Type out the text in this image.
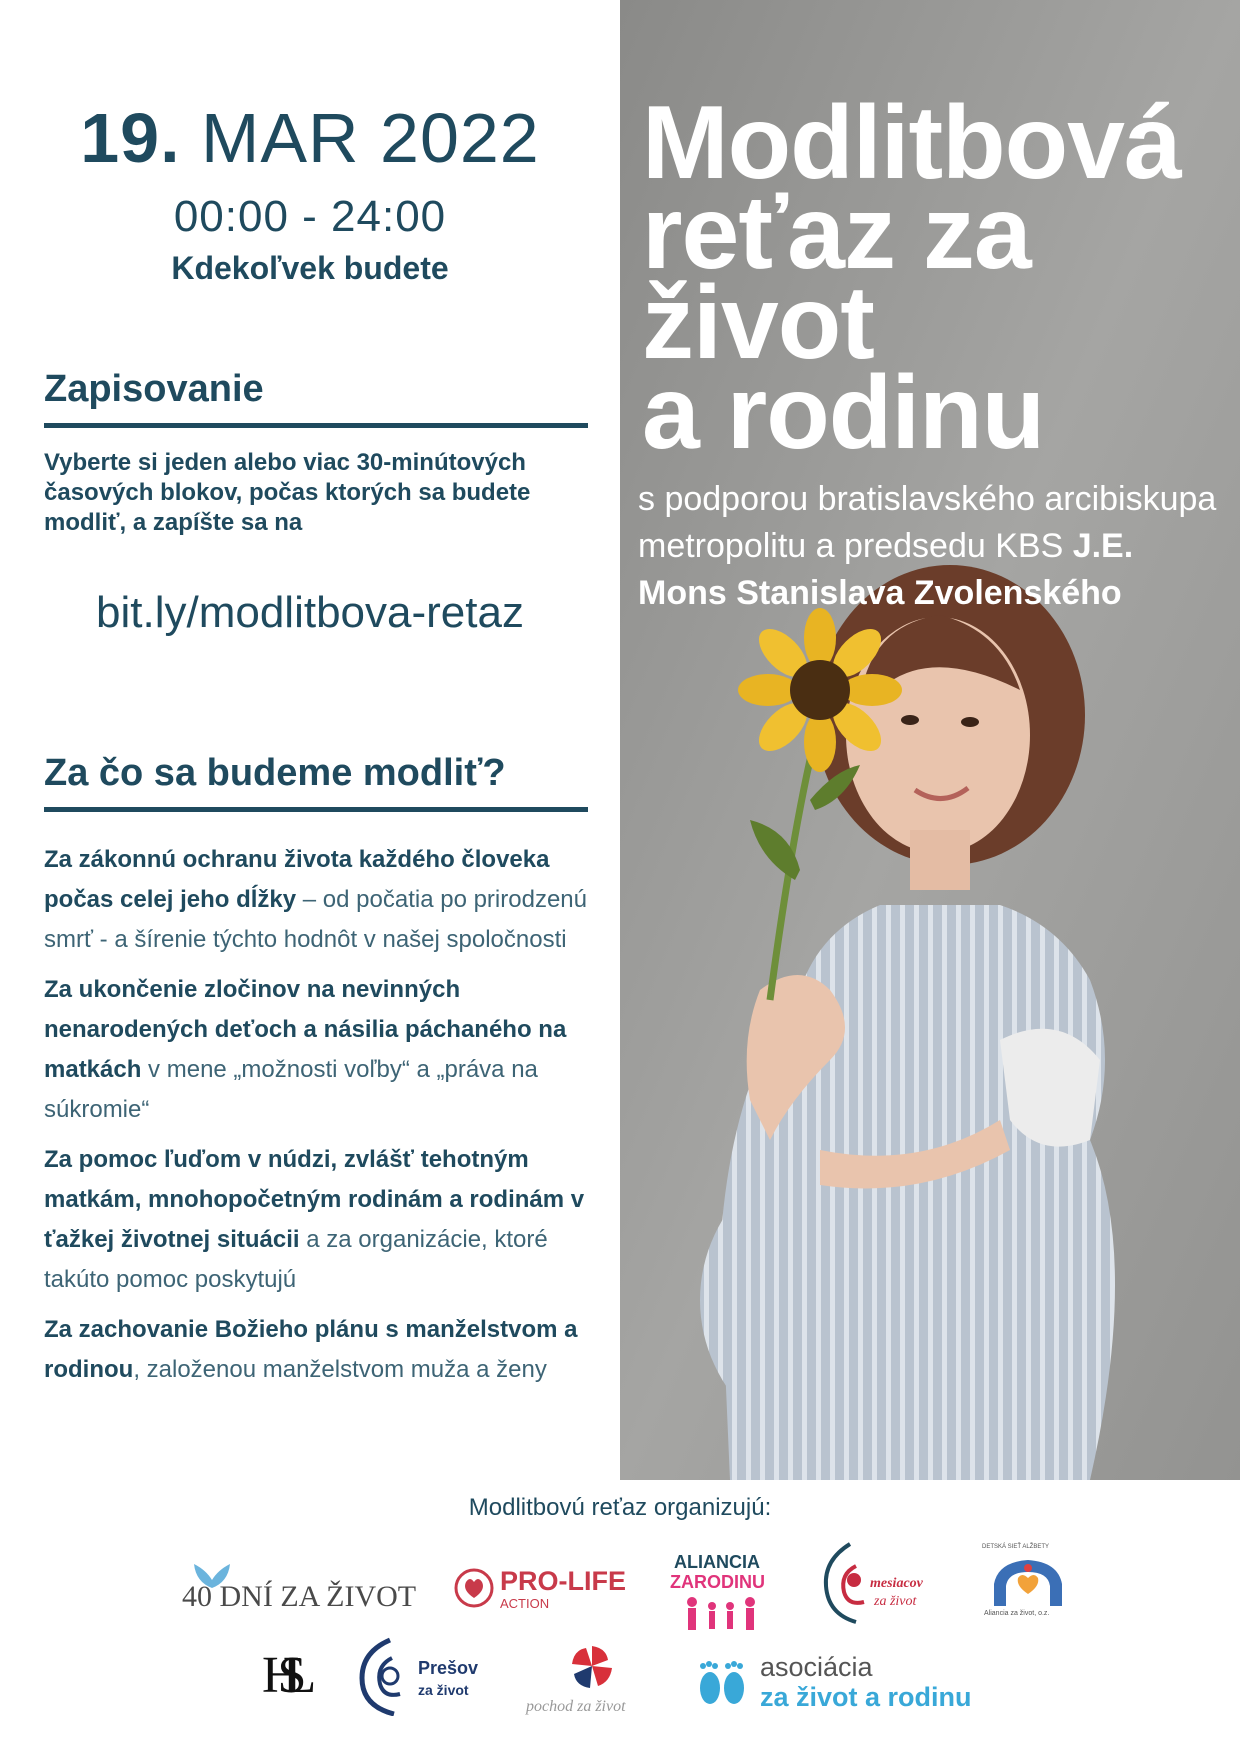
19. MAR 2022
00:00 - 24:00
Kdekoľvek budete
Zapisovanie
Vyberte si jeden alebo viac 30-minútových časových blokov, počas ktorých sa budete modliť, a zapíšte sa na
bit.ly/modlitbova-retaz
Za čo sa budeme modliť?

Za zákonnú ochranu života každého človeka počas celej jeho dĺžky – od počatia po prirodzenú smrť - a šírenie týchto hodnôt v našej spoločnosti

Za ukončenie zločinov na nevinných nenarodených deťoch a násilia páchaného na matkách v mene „možnosti voľby“ a „práva na súkromie“

Za pomoc ľuďom v núdzi, zvlášť tehotným matkám, mnohopočetným rodinám a rodinám v ťažkej životnej situácii a za organizácie, ktoré takúto pomoc poskytujú

Za zachovanie Božieho plánu s manželstvom a rodinou, založenou manželstvom muža a ženy

Modlitbová
reťaz za
život
a rodinu
s podporou bratislavského arcibiskupa metropolitu a predsedu KBS J.E. Mons Stanislava Zvolenského
Modlitbovú reťaz organizujú:
40 DNÍ ZA ŽIVOT	PRO-LIFE
ACTION
ALIANCIA
ZARODINU	mesiacov
za život
DETSKÁ SIEŤ ALŽBETY
Aliancia za život, o.z.
HSL	Prešov
za život
pochod za život
asociácia
za život a rodinu
